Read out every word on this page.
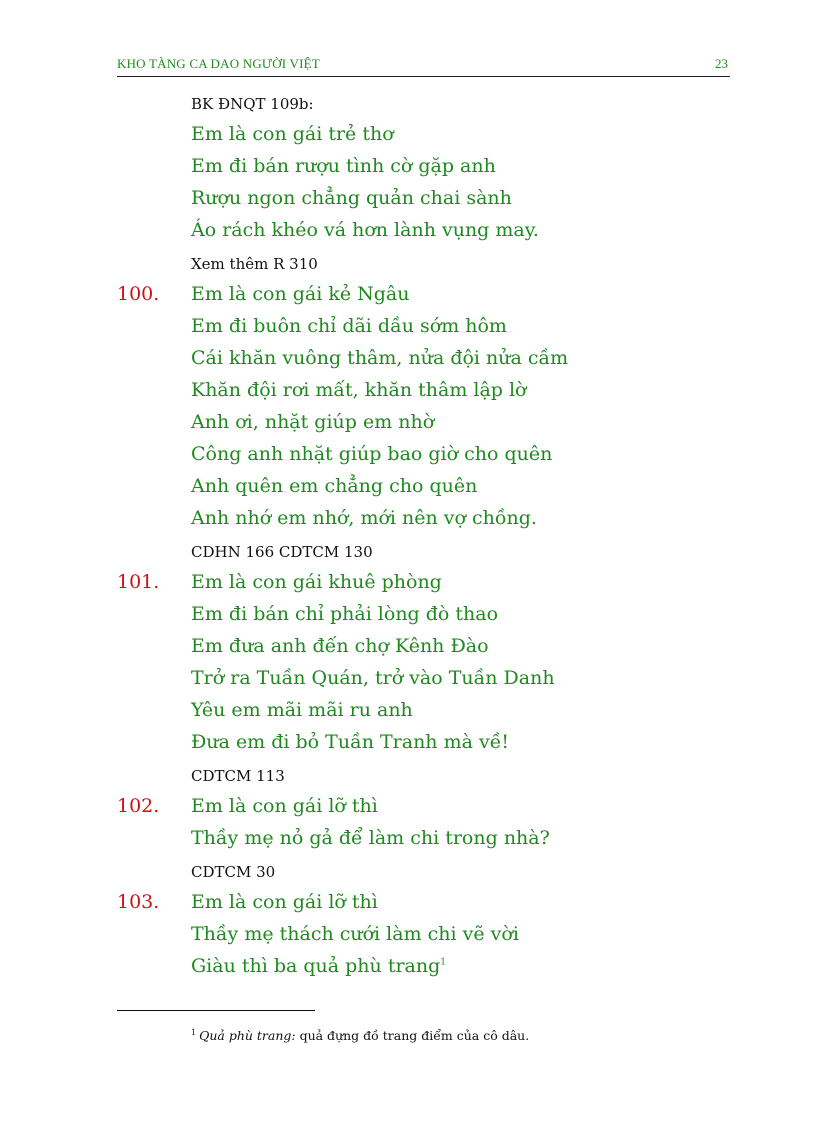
KHO TÀNG CA DAO NGƯỜI VIỆT	23
BK ĐNQT 109b:
Em là con gái trẻ thơ
Em đi bán rượu tình cờ gặp anh
Rượu ngon chẳng quản chai sành
Áo rách khéo vá hơn lành vụng may.
Xem thêm R 310
100. Em là con gái kẻ Ngâu
Em đi buôn chỉ dãi dầu sớm hôm
Cái khăn vuông thâm, nửa đội nửa cầm
Khăn đội rơi mất, khăn thâm lập lờ
Anh ơi, nhặt giúp em nhờ
Công anh nhặt giúp bao giờ cho quên
Anh quên em chẳng cho quên
Anh nhớ em nhớ, mới nên vợ chồng.
CDHN 166 CDTCM 130
101. Em là con gái khuê phòng
Em đi bán chỉ phải lòng đò thao
Em đưa anh đến chợ Kênh Đào
Trở ra Tuần Quán, trở vào Tuần Danh
Yêu em mãi mãi ru anh
Đưa em đi bỏ Tuần Tranh mà về!
CDTCM 113
102. Em là con gái lỡ thì
Thầy mẹ nỏ gả để làm chi trong nhà?
CDTCM 30
103. Em là con gái lỡ thì
Thầy mẹ thách cưới làm chi vẽ vời
Giàu thì ba quả phù trang$^1$
$^1$ Quả phù trang: quả đựng đồ trang điểm của cô dâu.
